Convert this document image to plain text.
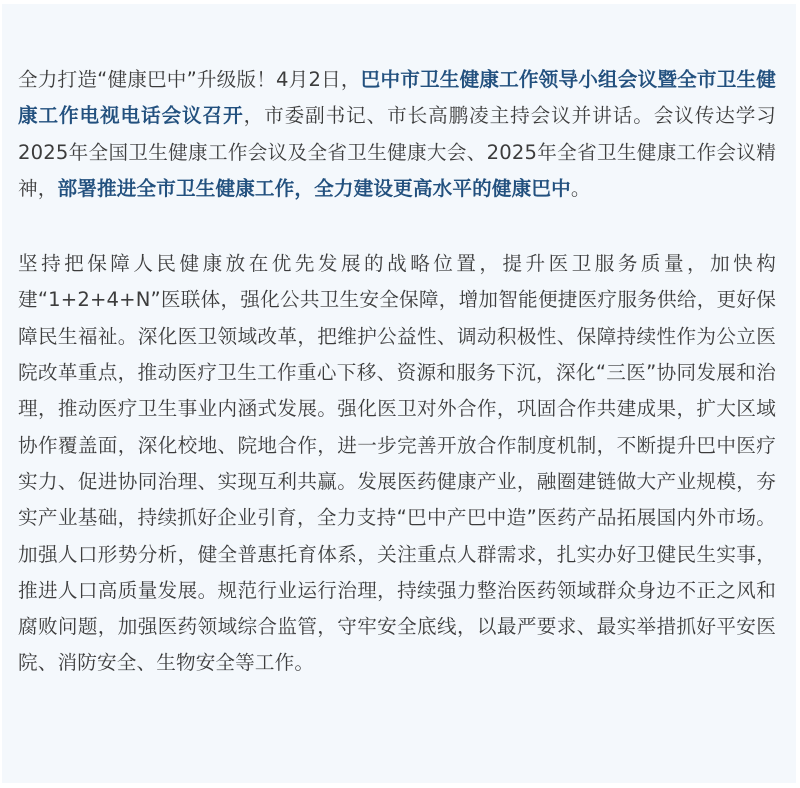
全力打造“健康巴中”升级版！4月2日，巴中市卫生健康工作领导小组会议暨全市卫生健康工作电视电话会议召开，市委副书记、市长高鹏凌主持会议并讲话。会议传达学习2025年全国卫生健康工作会议及全省卫生健康大会、2025年全省卫生健康工作会议精神，部署推进全市卫生健康工作，全力建设更高水平的健康巴中。

坚持把保障人民健康放在优先发展的战略位置，提升医卫服务质量，加快构建“1+2+4+N”医联体，强化公共卫生安全保障，增加智能便捷医疗服务供给，更好保障民生福祉。深化医卫领域改革，把维护公益性、调动积极性、保障持续性作为公立医院改革重点，推动医疗卫生工作重心下移、资源和服务下沉，深化“三医”协同发展和治理，推动医疗卫生事业内涵式发展。强化医卫对外合作，巩固合作共建成果，扩大区域协作覆盖面，深化校地、院地合作，进一步完善开放合作制度机制，不断提升巴中医疗实力、促进协同治理、实现互利共赢。发展医药健康产业，融圈建链做大产业规模，夯实产业基础，持续抓好企业引育，全力支持“巴中产巴中造”医药产品拓展国内外市场。加强人口形势分析，健全普惠托育体系，关注重点人群需求，扎实办好卫健民生实事，推进人口高质量发展。规范行业运行治理，持续强力整治医药领域群众身边不正之风和腐败问题，加强医药领域综合监管，守牢安全底线，以最严要求、最实举措抓好平安医院、消防安全、生物安全等工作。
